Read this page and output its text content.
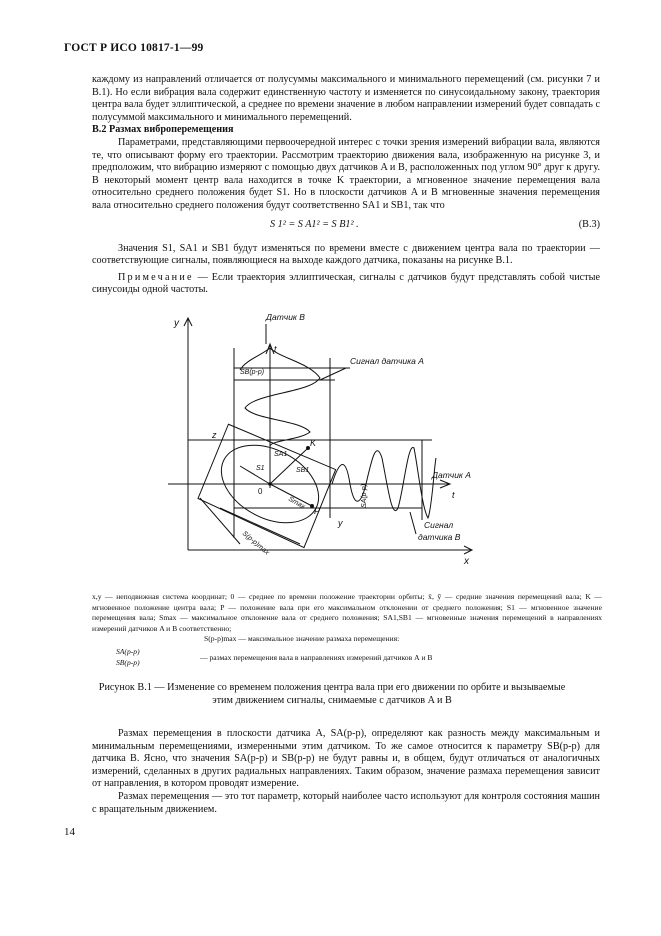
ГОСТ Р ИСО 10817-1—99

каждому из направлений отличается от полусуммы максимального и минимального перемещений (см. рисунки 7 и B.1). Но если вибрация вала содержит единственную частоту и изменяется по синусоидальному закону, траектория центра вала будет эллиптической, а среднее по времени значение в любом направлении измерений будет совпадать с полусуммой максимального и минимального перемещений.

В.2 Размах виброперемещения

Параметрами, представляющими первоочередной интерес с точки зрения измерений вибрации вала, являются те, что описывают форму его траектории. Рассмотрим траекторию движения вала, изображенную на рисунке 3, и предположим, что вибрацию измеряют с помощью двух датчиков A и B, расположенных под углом 90° друг к другу. В некоторый момент центр вала находится в точке K траектории, а мгновенное значение перемещения вала относительно среднего положения будет S1. Но в плоскости датчиков A и B мгновенные значения перемещения вала относительно среднего положения будут соответственно SA1 и SB1, так что

S 1² = S A1² = S B1² .	(В.3)

Значения S1, SA1 и SB1 будут изменяться по времени вместе с движением центра вала по траектории — соответствующие сигналы, появляющиеся на выходе каждого датчика, показаны на рисунке В.1.

Примечание — Если траектория эллиптическая, сигналы с датчиков будут представлять собой чистые синусоиды одной частоты.

y
x
Датчик B
Сигнал датчика A
Сигнал
датчика B
Датчик A
t
t
z
y
K
P
0
SA1
SB1
S1
Smax	SA(p-p)
SB(p-p)
S(p-p)max

x,y — неподвижная система координат; 0 — среднее по времени положение траектории орбиты; x̄, ȳ — средние значения перемещений вала; K — мгновенное положение центра вала; P — положение вала при его максимальном отклонении от среднего положения; S1 — мгновенное значение перемещения вала; Smax — максимальное отклонение вала от среднего положения; SA1,SB1 — мгновенные значения перемещений в направлениях измерений датчиков A и B соответственно;

S(p-p)max — максимальное значение размаха перемещения:

SA(p-p)
SB(p-p)
— размах перемещения вала в направлениях измерений датчиков А и В
Рисунок В.1 — Изменение со временем положения центра вала при его движении по орбите и вызываемые
этим движением сигналы, снимаемые с датчиков A и B

Размах перемещения в плоскости датчика A, SA(p-p), определяют как разность между максимальным и минимальным перемещениями, измеренными этим датчиком. То же самое относится к параметру SB(p-p) для датчика B. Ясно, что значения SA(p-p) и SB(p-p) не будут равны и, в общем, будут отличаться от аналогичных измерений, сделанных в других радиальных направлениях. Таким образом, значение размаха перемещения зависит от направления, в котором проводят измерение.

Размах перемещения — это тот параметр, который наиболее часто используют для контроля состояния машин с вращательным движением.

14
